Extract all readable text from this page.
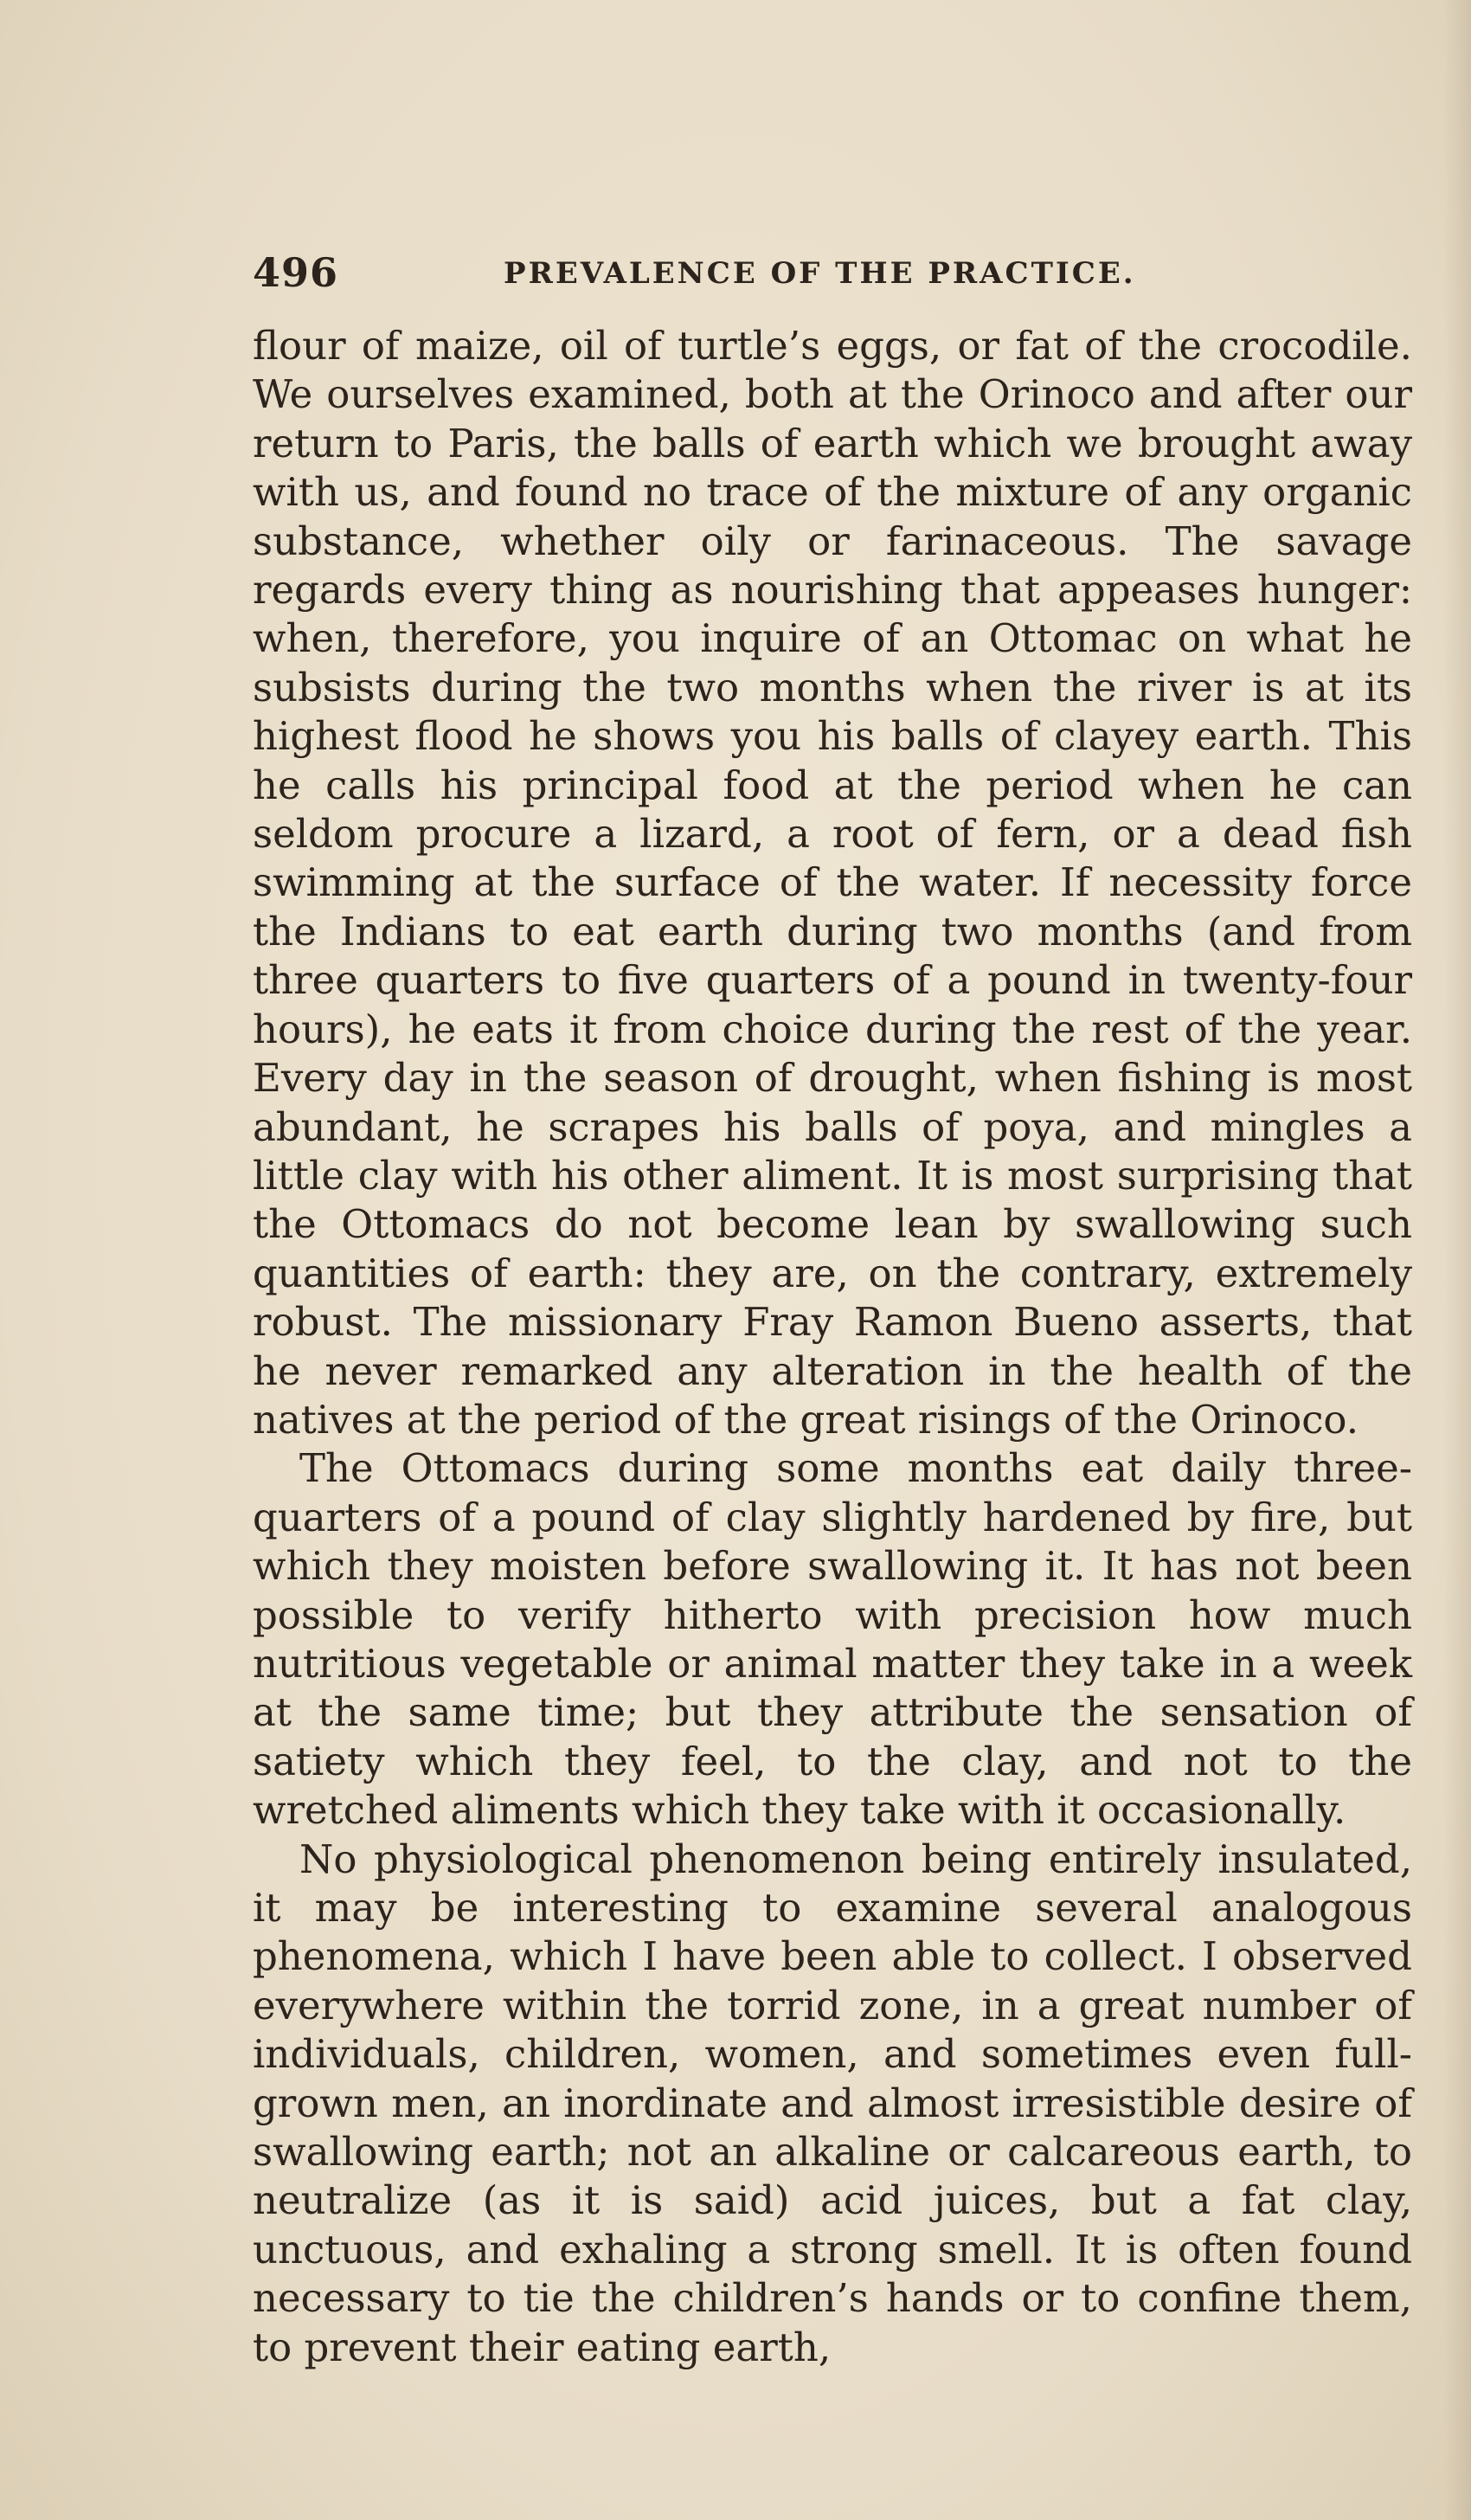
496	PREVALENCE OF THE PRACTICE.

flour of maize, oil of turtle’s eggs, or fat of the crocodile. We ourselves examined, both at the Orinoco and after our return to Paris, the balls of earth which we brought away with us, and found no trace of the mixture of any organic substance, whether oily or farinaceous. The savage regards every thing as nourishing that appeases hunger: when, therefore, you inquire of an Ottomac on what he subsists during the two months when the river is at its highest flood he shows you his balls of clayey earth. This he calls his principal food at the period when he can seldom procure a lizard, a root of fern, or a dead fish swimming at the surface of the water. If necessity force the Indians to eat earth during two months (and from three quarters to five quarters of a pound in twenty-four hours), he eats it from choice during the rest of the year. Every day in the season of drought, when fishing is most abundant, he scrapes his balls of poya, and mingles a little clay with his other aliment. It is most surprising that the Ottomacs do not become lean by swallowing such quantities of earth: they are, on the contrary, extremely robust. The missionary Fray Ramon Bueno asserts, that he never remarked any alteration in the health of the natives at the period of the great risings of the Orinoco.

The Ottomacs during some months eat daily three-quarters of a pound of clay slightly hardened by fire, but which they moisten before swallowing it. It has not been possible to verify hitherto with precision how much nutritious vegetable or animal matter they take in a week at the same time; but they attribute the sensation of satiety which they feel, to the clay, and not to the wretched aliments which they take with it occasionally.

No physiological phenomenon being entirely insulated, it may be interesting to examine several analogous phenomena, which I have been able to collect. I observed everywhere within the torrid zone, in a great number of individuals, children, women, and sometimes even full-grown men, an inordinate and almost irresistible desire of swallowing earth; not an alkaline or calcareous earth, to neutralize (as it is said) acid juices, but a fat clay, unctuous, and exhaling a strong smell. It is often found necessary to tie the children’s hands or to confine them, to prevent their eating earth,
